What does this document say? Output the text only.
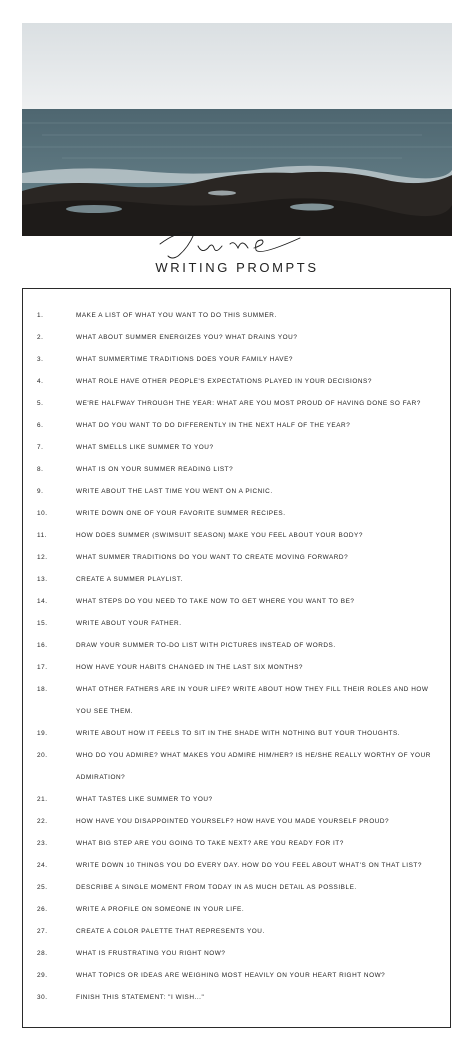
WRITING PROMPTS
1.	MAKE A LIST OF WHAT YOU WANT TO DO THIS SUMMER.
2.	WHAT ABOUT SUMMER ENERGIZES YOU? WHAT DRAINS YOU?
3.	WHAT SUMMERTIME TRADITIONS DOES YOUR FAMILY HAVE?
4.	WHAT ROLE HAVE OTHER PEOPLE'S EXPECTATIONS PLAYED IN YOUR DECISIONS?
5.	WE'RE HALFWAY THROUGH THE YEAR: WHAT ARE YOU MOST PROUD OF HAVING DONE SO FAR?
6.	WHAT DO YOU WANT TO DO DIFFERENTLY IN THE NEXT HALF OF THE YEAR?
7.	WHAT SMELLS LIKE SUMMER TO YOU?
8.	WHAT IS ON YOUR SUMMER READING LIST?
9.	WRITE ABOUT THE LAST TIME YOU WENT ON A PICNIC.
10.	WRITE DOWN ONE OF YOUR FAVORITE SUMMER RECIPES.
11.	HOW DOES SUMMER (SWIMSUIT SEASON) MAKE YOU FEEL ABOUT YOUR BODY?
12.	WHAT SUMMER TRADITIONS DO YOU WANT TO CREATE MOVING FORWARD?
13.	CREATE A SUMMER PLAYLIST.
14.	WHAT STEPS DO YOU NEED TO TAKE NOW TO GET WHERE YOU WANT TO BE?
15.	WRITE ABOUT YOUR FATHER.
16.	DRAW YOUR SUMMER TO-DO LIST WITH PICTURES INSTEAD OF WORDS.
17.	HOW HAVE YOUR HABITS CHANGED IN THE LAST SIX MONTHS?
18.	WHAT OTHER FATHERS ARE IN YOUR LIFE? WRITE ABOUT HOW THEY FILL THEIR ROLES AND HOW YOU SEE THEM.
19.	WRITE ABOUT HOW IT FEELS TO SIT IN THE SHADE WITH NOTHING BUT YOUR THOUGHTS.
20.	WHO DO YOU ADMIRE? WHAT MAKES YOU ADMIRE HIM/HER? IS HE/SHE REALLY WORTHY OF YOUR ADMIRATION?
21.	WHAT TASTES LIKE SUMMER TO YOU?
22.	HOW HAVE YOU DISAPPOINTED YOURSELF? HOW HAVE YOU MADE YOURSELF PROUD?
23.	WHAT BIG STEP ARE YOU GOING TO TAKE NEXT? ARE YOU READY FOR IT?
24.	WRITE DOWN 10 THINGS YOU DO EVERY DAY. HOW DO YOU FEEL ABOUT WHAT'S ON THAT LIST?
25.	DESCRIBE A SINGLE MOMENT FROM TODAY IN AS MUCH DETAIL AS POSSIBLE.
26.	WRITE A PROFILE ON SOMEONE IN YOUR LIFE.
27.	CREATE A COLOR PALETTE THAT REPRESENTS YOU.
28.	WHAT IS FRUSTRATING YOU RIGHT NOW?
29.	WHAT TOPICS OR IDEAS ARE WEIGHING MOST HEAVILY ON YOUR HEART RIGHT NOW?
30.	FINISH THIS STATEMENT: "I WISH..."
